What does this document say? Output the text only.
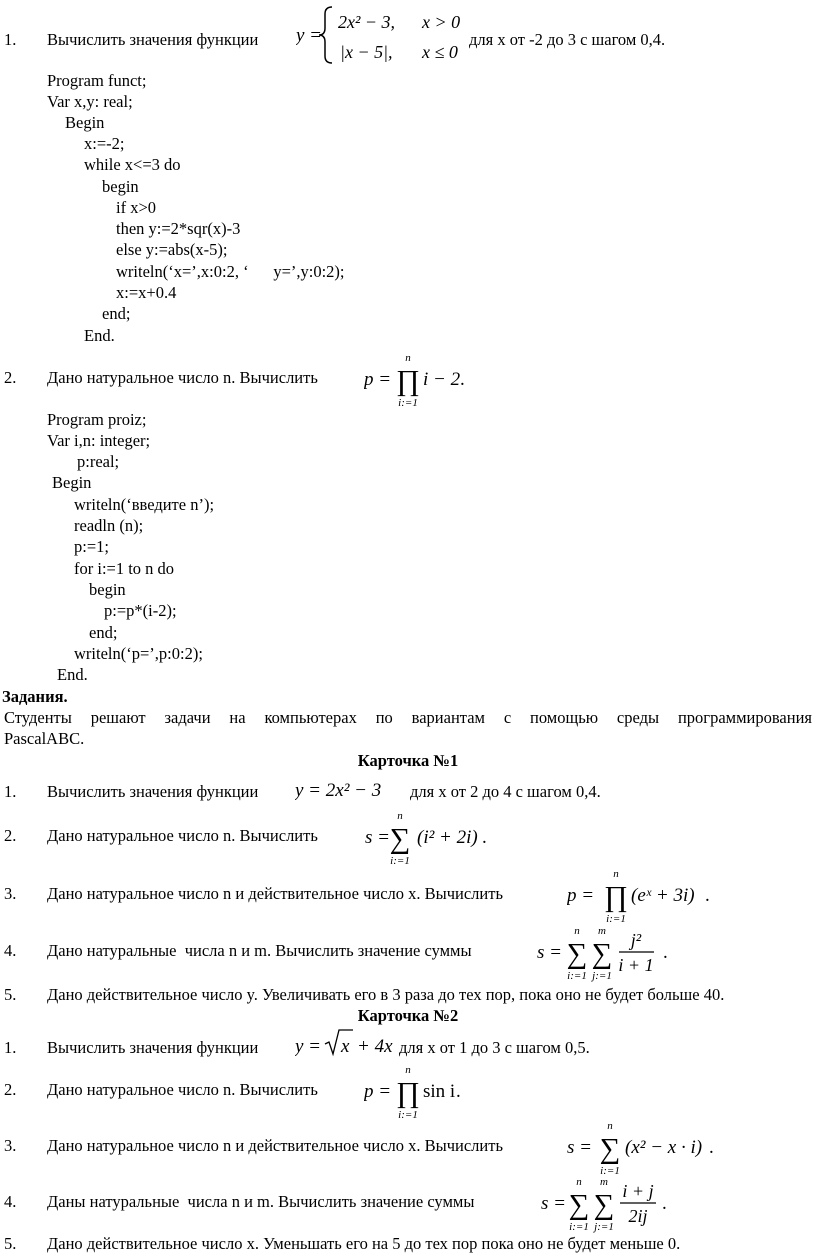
1. Вычислить значения функции y =
2x² − 3, x > 0
|x − 5|, x ≤ 0
для x от -2 до 3 с шагом 0,4.
Program funct;
Var x,y: real;
Begin
x:=-2;
while x<=3 do
begin
if x>0
then y:=2*sqr(x)-3
else y:=abs(x-5);
writeln(‘x=’,x:0:2, ‘      y=’,y:0:2);
x:=x+0.4
end;
End.
2. Дано натуральное число n. Вычислить p =
n
∏
i:=1
i − 2 .
Program proiz;
Var i,n: integer;
p:real;
Begin
writeln(‘введите n’);
readln (n);
p:=1;
for i:=1 to n do
begin
p:=p*(i-2);
end;
writeln(‘p=’,p:0:2);
End.
Задания.
Студенты решают задачи на компьютерах по вариантам с помощью среды программирования
PascalABC.
Карточка №1
1. Вычислить значения функции y = 2x² − 3 для x от 2 до 4 с шагом 0,4.
2. Дано натуральное число n. Вычислить s =
n
∑
i:=1
(i² + 2i) .
3. Дано натуральное число n и действительное число x. Вычислить	p =
n
∏
i:=1
(eˣ + 3i) .
4. Дано натуральные  числа n и m. Вычислить значение суммы	s =
n
∑
i:=1
m
∑
j:=1
j²
i + 1
.
5. Дано действительное число y. Увеличивать его в 3 раза до тех пор, пока оно не будет больше 40.
Карточка №2
1. Вычислить значения функции y = x + 4x для x от 1 до 3 с шагом 0,5.
2. Дано натуральное число n. Вычислить p =
n
∏
i:=1
sin i .
3. Дано натуральное число n и действительное число x. Вычислить	s =
n
∑
i:=1
(x² − x · i) .
4. Даны натуральные  числа n и m. Вычислить значение суммы	s =
n
∑
i:=1
m
∑
j:=1
i + j
2ij
.
5. Дано действительное число x. Уменьшать его на 5 до тех пор пока оно не будет меньше 0.
